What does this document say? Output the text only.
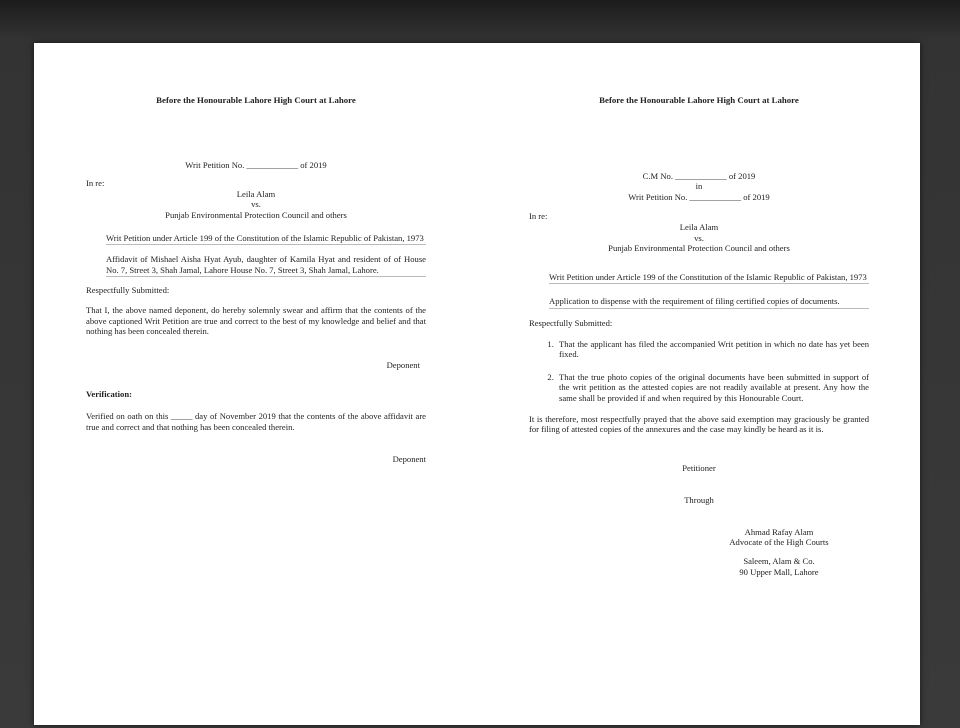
Before the Honourable Lahore High Court at Lahore
Writ Petition No. ____________ of 2019
In re:
Leila Alam
vs.
Punjab Environmental Protection Council and others
Writ Petition under Article 199 of the Constitution of the Islamic Republic of Pakistan, 1973
Affidavit of Mishael Aisha Hyat Ayub, daughter of Kamila Hyat and resident of of House No. 7, Street 3, Shah Jamal, Lahore House No. 7, Street 3, Shah Jamal, Lahore.
Respectfully Submitted:
That I, the above named deponent, do hereby solemnly swear and affirm that the contents of the above captioned Writ Petition are true and correct to the best of my knowledge and belief and that nothing has been concealed therein.
Deponent
Verification:
Verified on oath on this _____ day of November 2019 that the contents of the above affidavit are true and correct and that nothing has been concealed therein.
Deponent
Before the Honourable Lahore High Court at Lahore
C.M No. ____________ of 2019
in
Writ Petition No. ____________ of 2019
In re:
Leila Alam
vs.
Punjab Environmental Protection Council and others
Writ Petition under Article 199 of the Constitution of the Islamic Republic of Pakistan, 1973
Application to dispense with the requirement of filing certified copies of documents.
Respectfully Submitted:
1. That the applicant has filed the accompanied Writ petition in which no date has yet been fixed.
2. That the true photo copies of the original documents have been submitted in support of the writ petition as the attested copies are not readily available at present. Any how the same shall be provided if and when required by this Honourable Court.
It is therefore, most respectfully prayed that the above said exemption may graciously be granted for filing of attested copies of the annexures and the case may kindly be heard as it is.
Petitioner
Through
Ahmad Rafay Alam
Advocate of the High Courts
Saleem, Alam & Co.
90 Upper Mall, Lahore
